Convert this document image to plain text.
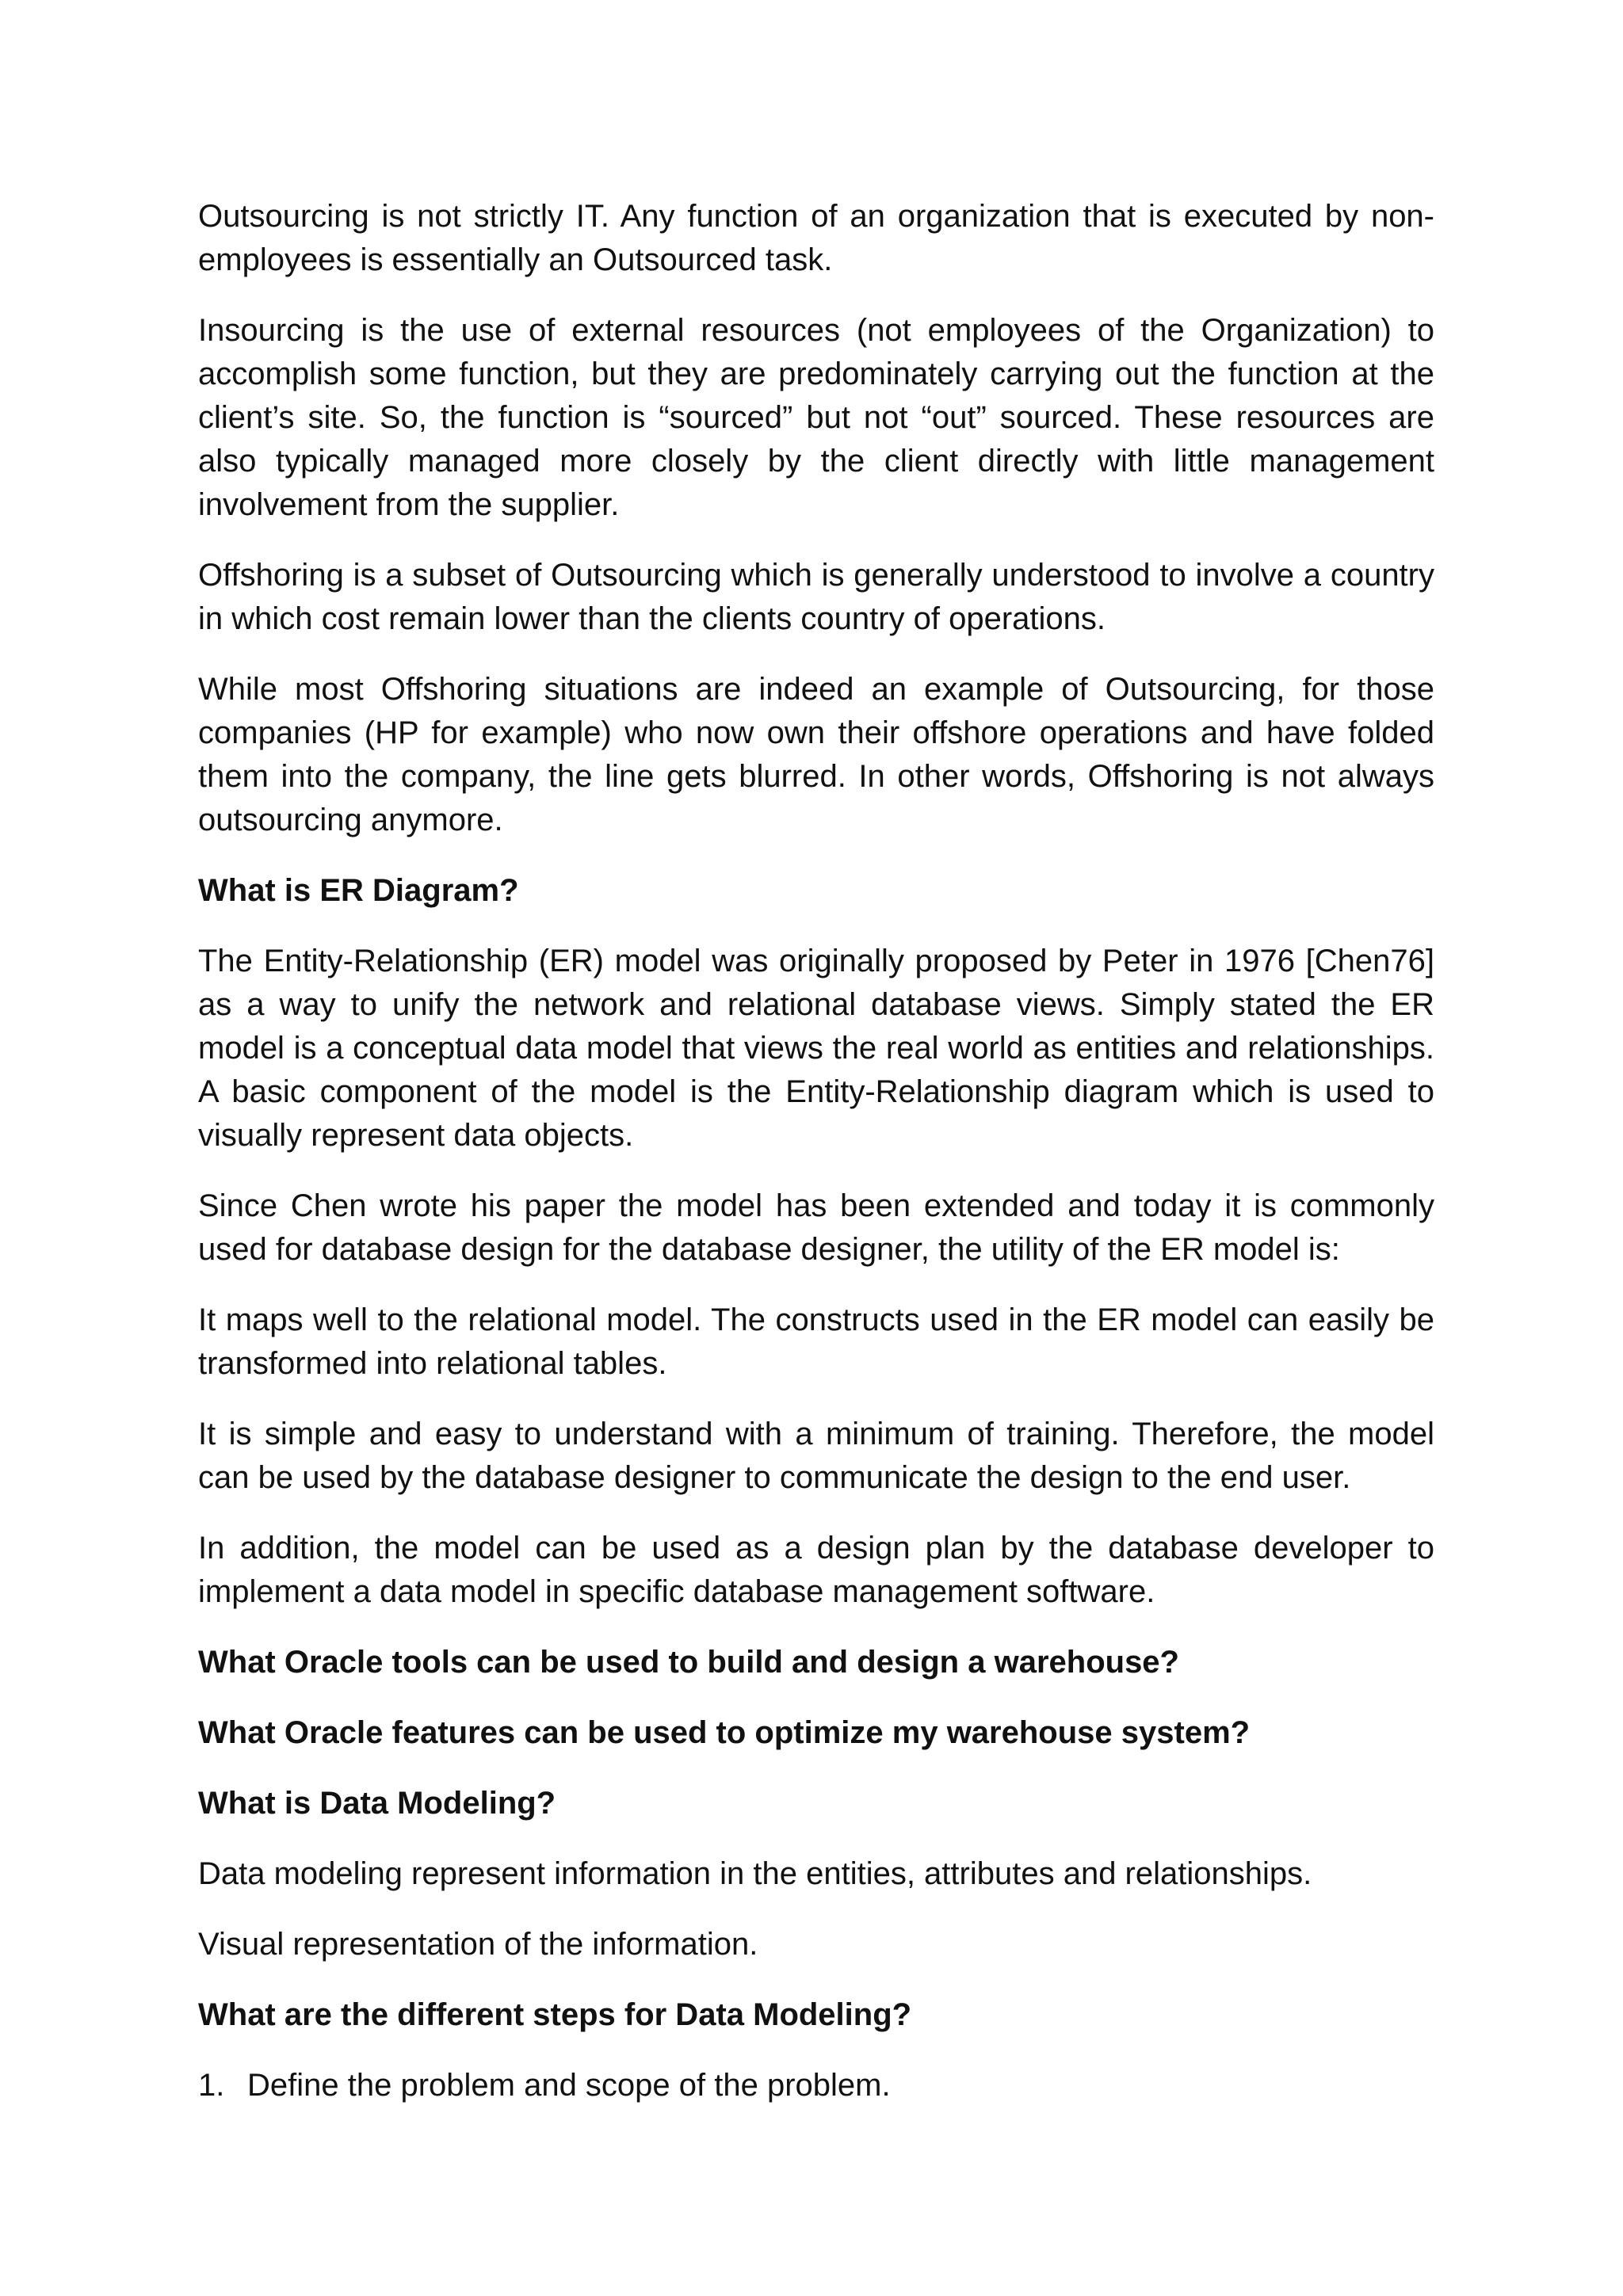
Outsourcing is not strictly IT. Any function of an organization that is executed by non-employees is essentially an Outsourced task.

Insourcing is the use of external resources (not employees of the Organization) to accomplish some function, but they are predominately carrying out the function at the client’s site. So, the function is “sourced” but not “out” sourced. These resources are also typically managed more closely by the client directly with little management involvement from the supplier.

Offshoring is a subset of Outsourcing which is generally understood to involve a country in which cost remain lower than the clients country of operations.

While most Offshoring situations are indeed an example of Outsourcing, for those companies (HP for example) who now own their offshore operations and have folded them into the company, the line gets blurred. In other words, Offshoring is not always outsourcing anymore.

What is ER Diagram?

The Entity-Relationship (ER) model was originally proposed by Peter in 1976 [Chen76] as a way to unify the network and relational database views. Simply stated the ER model is a conceptual data model that views the real world as entities and relationships. A basic component of the model is the Entity-Relationship diagram which is used to visually represent data objects.

Since Chen wrote his paper the model has been extended and today it is commonly used for database design for the database designer, the utility of the ER model is:

It maps well to the relational model. The constructs used in the ER model can easily be transformed into relational tables.

It is simple and easy to understand with a minimum of training. Therefore, the model can be used by the database designer to communicate the design to the end user.

In addition, the model can be used as a design plan by the database developer to implement a data model in specific database management software.

What Oracle tools can be used to build and design a warehouse?

What Oracle features can be used to optimize my warehouse system?

What is Data Modeling?

Data modeling represent information in the entities, attributes and relationships.

Visual representation of the information.

What are the different steps for Data Modeling?

1. Define the problem and scope of the problem.
